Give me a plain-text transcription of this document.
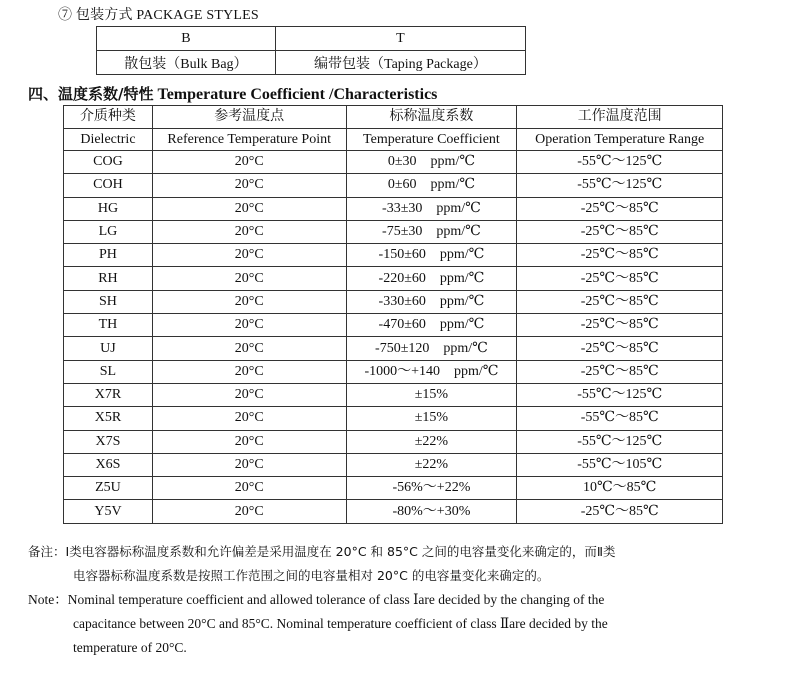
⑦ 包装方式 PACKAGE STYLES
B	T
散包装（Bulk Bag）	编带包装（Taping Package）
四、温度系数/特性 Temperature Coefficient /Characteristics
介质种类	参考温度点	标称温度系数	工作温度范围
Dielectric	Reference Temperature Point	Temperature Coefficient	Operation Temperature Range
COG	20°C	0±30    ppm/℃	-55℃～125℃
COH	20°C	0±60    ppm/℃	-55℃～125℃
HG	20°C	-33±30    ppm/℃	-25℃～85℃
LG	20°C	-75±30    ppm/℃	-25℃～85℃
PH	20°C	-150±60    ppm/℃	-25℃～85℃
RH	20°C	-220±60    ppm/℃	-25℃～85℃
SH	20°C	-330±60    ppm/℃	-25℃～85℃
TH	20°C	-470±60    ppm/℃	-25℃～85℃
UJ	20°C	-750±120    ppm/℃	-25℃～85℃
SL	20°C	-1000～+140    ppm/℃	-25℃～85℃
X7R	20°C	±15%	-55℃～125℃
X5R	20°C	±15%	-55℃～85℃
X7S	20°C	±22%	-55℃～125℃
X6S	20°C	±22%	-55℃～105℃
Z5U	20°C	-56%～+22%	10℃～85℃
Y5V	20°C	-80%～+30%	-25℃～85℃
备注：Ⅰ类电容器标称温度系数和允许偏差是采用温度在 20°C 和 85°C 之间的电容量变化来确定的，而Ⅱ类
电容器标称温度系数是按照工作范围之间的电容量相对 20°C 的电容量变化来确定的。
Note：Nominal temperature coefficient and allowed tolerance of class Ⅰare decided by the changing of the
capacitance between 20°C and 85°C. Nominal temperature coefficient of class Ⅱare decided by the
temperature of 20°C.
